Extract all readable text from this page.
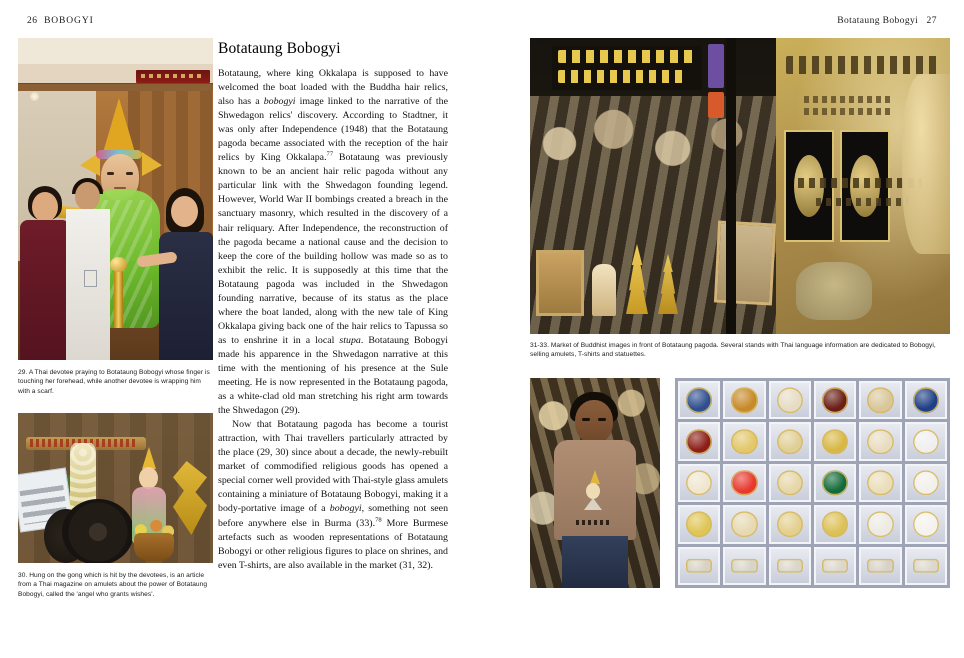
26 BOBOGYI	Botataung Bobogyi 27
29. A Thai devotee praying to Botataung Bobogyi whose finger is touching her forehead, while another devotee is wrapping him with a scarf.
30. Hung on the gong which is hit by the devotees, is an article from a Thai magazine on amulets about the power of Botataung Bobogyi, called the 'angel who grants wishes'.
Botataung Bobogyi

Botataung, where king Okkalapa is supposed to have welcomed the boat loaded with the Buddha hair relics, also has a bobogyi image linked to the narrative of the Shwedagon relics' discovery. According to Stadtner, it was only after Independence (1948) that the Botataung pagoda became associated with the reception of the hair relics by King Okkalapa.$^{77}$ Botataung was previously known to be an ancient hair relic pagoda without any particular link with the Shwedagon founding legend. However, World War II bombings created a breach in the sanctuary masonry, which resulted in the discovery of a hair reliquary. After Independence, the reconstruction of the pagoda became a national cause and the decision to keep the core of the building hollow was made so as to exhibit the relic. It is supposedly at this time that the Botataung pagoda was included in the Shwedagon founding narrative, because of its status as the place where the boat landed, along with the new tale of King Okkalapa giving back one of the hair relics to Tapussa so as to enshrine it in a local stupa. Botataung Bobogyi made his apparence in the Shwedagon narrative at this time with the mentioning of his presence at the Sule meeting. He is now represented in the Botataung pagoda, as a white-clad old man stretching his right arm towards the Shwedagon (29).

Now that Botataung pagoda has become a tourist attraction, with Thai travellers particularly attracted by the place (29, 30) since about a decade, the newly-rebuilt market of commodified religious goods has opened a special corner well provided with Thai-style glass amulets containing a miniature of Botataung Bobogyi, making it a body-portative image of a bobogyi, something not seen before anywhere else in Burma (33).$^{78}$ More Burmese artefacts such as wooden representations of Botataung Bobogyi or other religious figures to place on shrines, and even T-shirts, are also available in the market (31, 32).

31-33. Market of Buddhist images in front of Botataung pagoda. Several stands with Thai language information are dedicated to Bobogyi, selling amulets, T-shirts and statuettes.
